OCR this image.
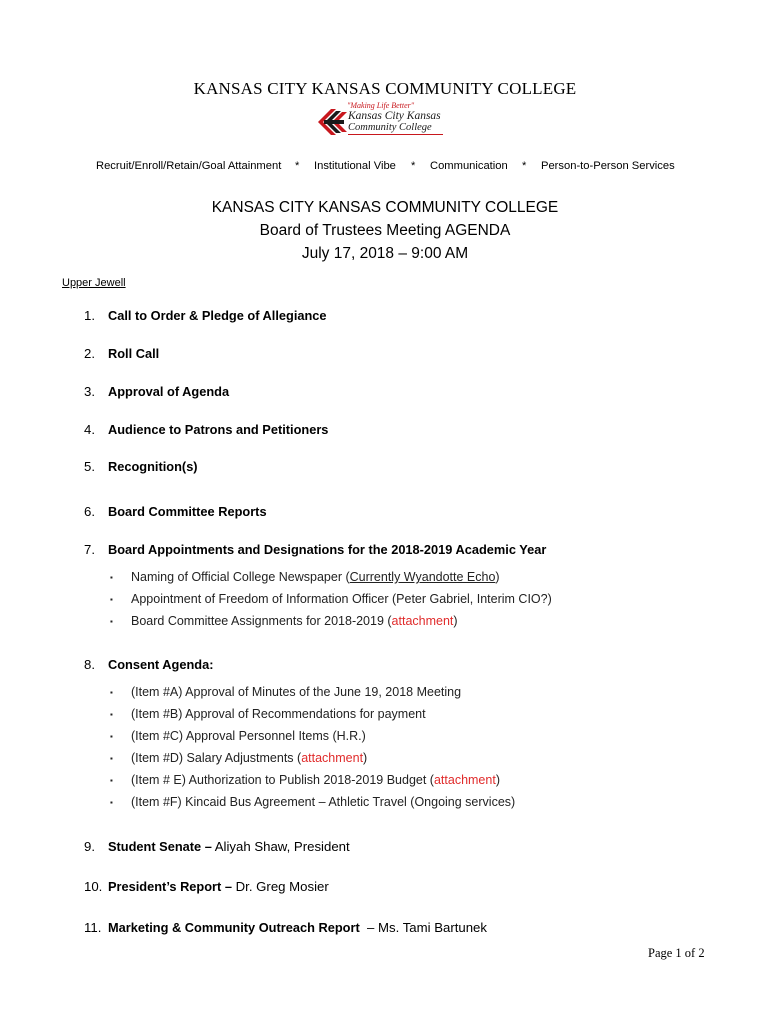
KANSAS CITY KANSAS COMMUNITY COLLEGE
"Making Life Better"
Kansas City Kansas
Community College
Recruit/Enroll/Retain/Goal Attainment * Institutional Vibe * Communication * Person-to-Person Services
KANSAS CITY KANSAS COMMUNITY COLLEGE
Board of Trustees Meeting AGENDA
July 17, 2018 – 9:00 AM
Upper Jewell
1. Call to Order & Pledge of Allegiance
2. Roll Call
3. Approval of Agenda
4. Audience to Patrons and Petitioners
5. Recognition(s)
6. Board Committee Reports
7. Board Appointments and Designations for the 2018-2019 Academic Year
▪ Naming of Official College Newspaper (Currently Wyandotte Echo)
▪ Appointment of Freedom of Information Officer (Peter Gabriel, Interim CIO?)
▪ Board Committee Assignments for 2018-2019 (attachment)
8. Consent Agenda:
▪ (Item #A) Approval of Minutes of the June 19, 2018 Meeting
▪ (Item #B) Approval of Recommendations for payment
▪ (Item #C) Approval Personnel Items (H.R.)
▪ (Item #D) Salary Adjustments (attachment)
▪ (Item # E) Authorization to Publish 2018-2019 Budget (attachment)
▪ (Item #F) Kincaid Bus Agreement – Athletic Travel (Ongoing services)
9. Student Senate – Aliyah Shaw, President
10. President’s Report – Dr. Greg Mosier
11. Marketing & Community Outreach Report – Ms. Tami Bartunek
Page 1 of 2
